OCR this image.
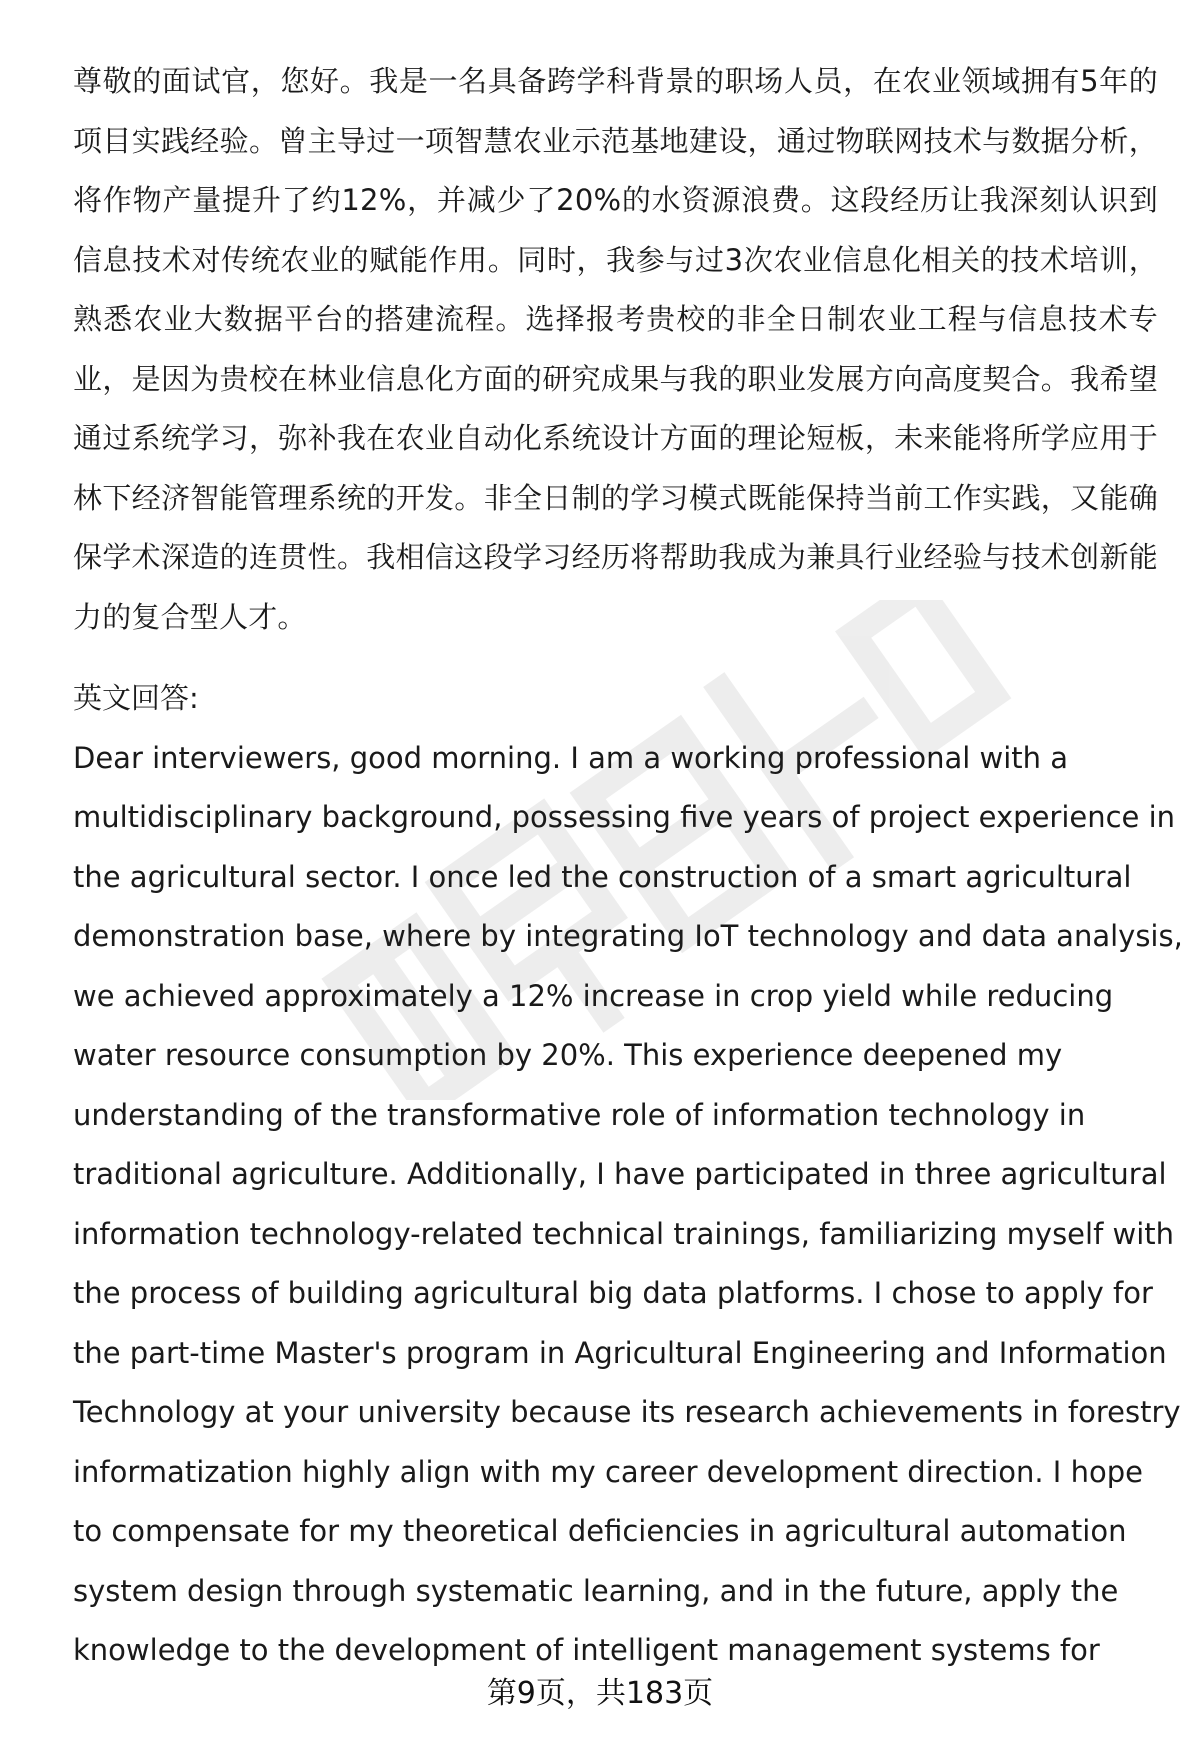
尊敬的面试官，您好。我是一名具备跨学科背景的职场人员，在农业领域拥有5年的项目实践经验。曾主导过一项智慧农业示范基地建设，通过物联网技术与数据分析，将作物产量提升了约12%，并减少了20%的水资源浪费。这段经历让我深刻认识到信息技术对传统农业的赋能作用。同时，我参与过3次农业信息化相关的技术培训，熟悉农业大数据平台的搭建流程。选择报考贵校的非全日制农业工程与信息技术专业，是因为贵校在林业信息化方面的研究成果与我的职业发展方向高度契合。我希望通过系统学习，弥补我在农业自动化系统设计方面的理论短板，未来能将所学应用于林下经济智能管理系统的开发。非全日制的学习模式既能保持当前工作实践，又能确保学术深造的连贯性。我相信这段学习经历将帮助我成为兼具行业经验与技术创新能力的复合型人才。

英文回答:

Dear interviewers, good morning. I am a working professional with a
multidisciplinary background, possessing five years of project experience in
the agricultural sector. I once led the construction of a smart agricultural
demonstration base, where by integrating IoT technology and data analysis,
we achieved approximately a 12% increase in crop yield while reducing
water resource consumption by 20%. This experience deepened my
understanding of the transformative role of information technology in
traditional agriculture. Additionally, I have participated in three agricultural
information technology-related technical trainings, familiarizing myself with
the process of building agricultural big data platforms. I chose to apply for
the part-time Master's program in Agricultural Engineering and Information
Technology at your university because its research achievements in forestry
informatization highly align with my career development direction. I hope
to compensate for my theoretical deficiencies in agricultural automation
system design through systematic learning, and in the future, apply the
knowledge to the development of intelligent management systems for

第9页，共183页
